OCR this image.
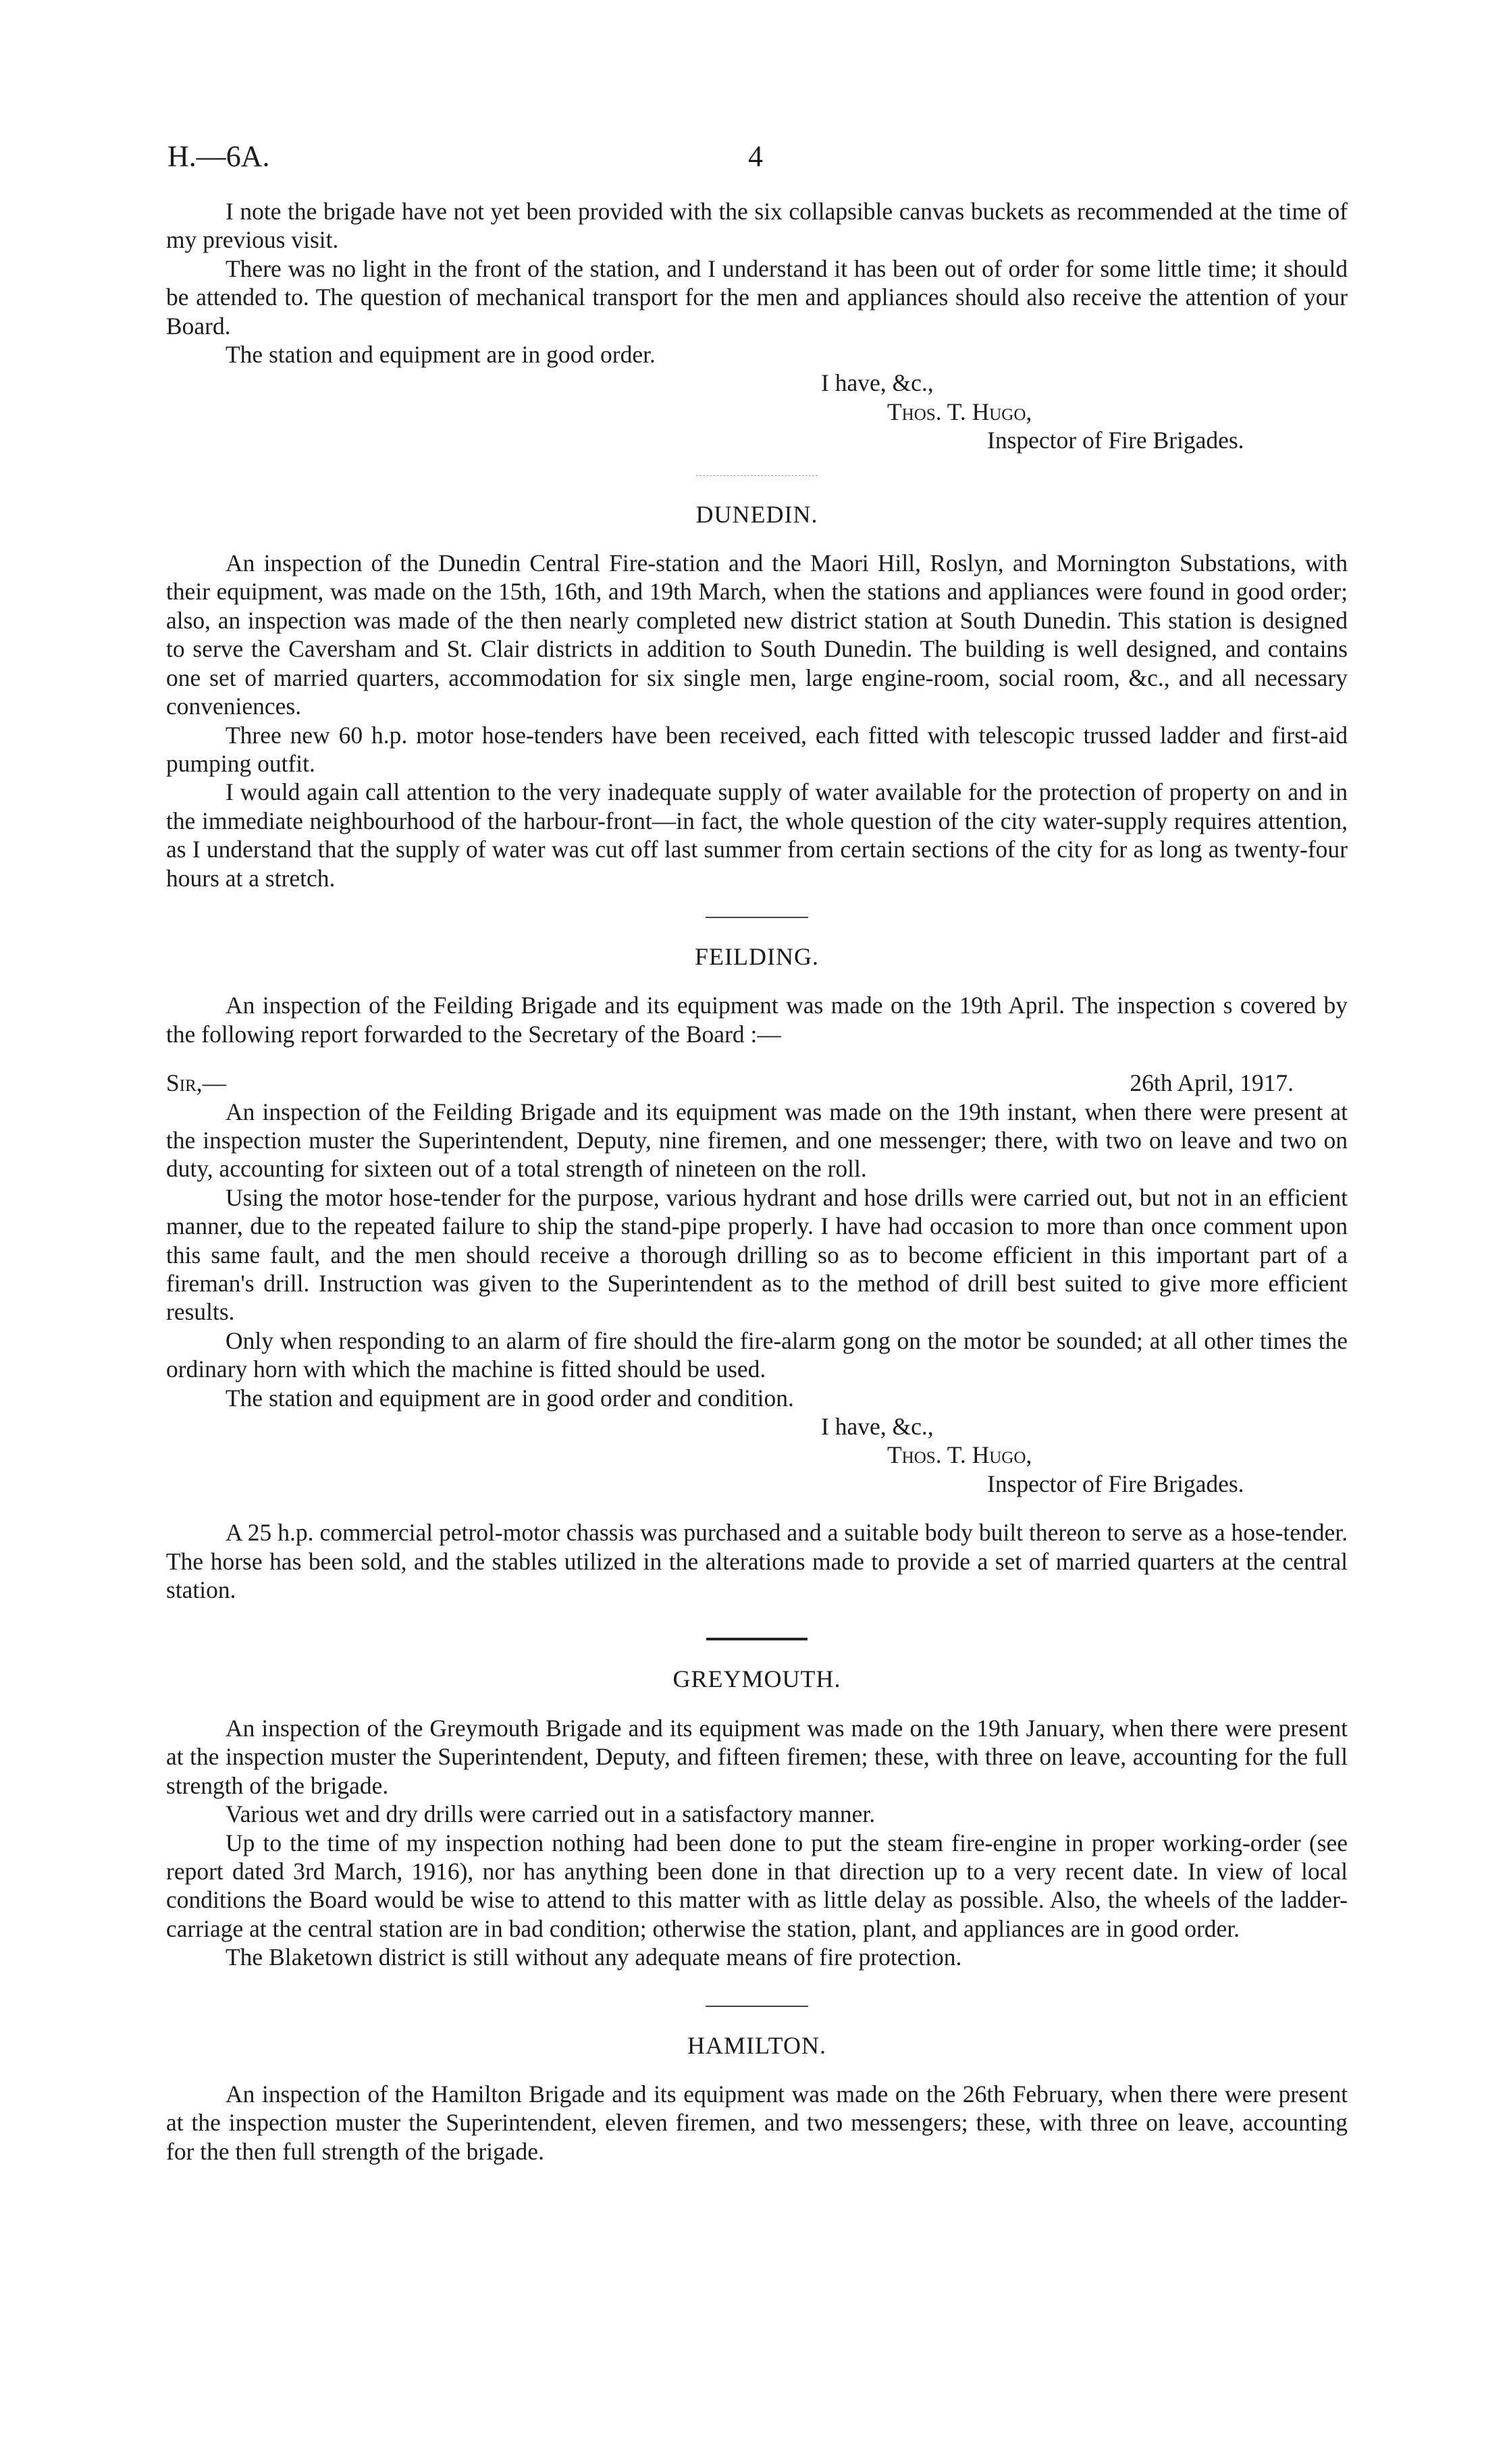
H.—6A.	4

I note the brigade have not yet been provided with the six collapsible canvas buckets as recommended at the time of my previous visit.

There was no light in the front of the station, and I understand it has been out of order for some little time; it should be attended to. The question of mechanical transport for the men and appliances should also receive the attention of your Board.

The station and equipment are in good order.

I have, &c.,

Thos. T. Hugo,

Inspector of Fire Brigades.

DUNEDIN.

An inspection of the Dunedin Central Fire-station and the Maori Hill, Roslyn, and Mornington Substations, with their equipment, was made on the 15th, 16th, and 19th March, when the stations and appliances were found in good order; also, an inspection was made of the then nearly completed new district station at South Dunedin. This station is designed to serve the Caversham and St. Clair districts in addition to South Dunedin. The building is well designed, and contains one set of married quarters, accommodation for six single men, large engine-room, social room, &c., and all necessary conveniences.

Three new 60 h.p. motor hose-tenders have been received, each fitted with telescopic trussed ladder and first-aid pumping outfit.

I would again call attention to the very inadequate supply of water available for the protection of property on and in the immediate neighbourhood of the harbour-front—in fact, the whole question of the city water-supply requires attention, as I understand that the supply of water was cut off last summer from certain sections of the city for as long as twenty-four hours at a stretch.

FEILDING.

An inspection of the Feilding Brigade and its equipment was made on the 19th April. The inspection s covered by the following report forwarded to the Secretary of the Board :—

Sir,—	26th April, 1917.

An inspection of the Feilding Brigade and its equipment was made on the 19th instant, when there were present at the inspection muster the Superintendent, Deputy, nine firemen, and one messenger; there, with two on leave and two on duty, accounting for sixteen out of a total strength of nineteen on the roll.

Using the motor hose-tender for the purpose, various hydrant and hose drills were carried out, but not in an efficient manner, due to the repeated failure to ship the stand-pipe properly. I have had occasion to more than once comment upon this same fault, and the men should receive a thorough drilling so as to become efficient in this important part of a fireman's drill. Instruction was given to the Superintendent as to the method of drill best suited to give more efficient results.

Only when responding to an alarm of fire should the fire-alarm gong on the motor be sounded; at all other times the ordinary horn with which the machine is fitted should be used.

The station and equipment are in good order and condition.

I have, &c.,

Thos. T. Hugo,

Inspector of Fire Brigades.

A 25 h.p. commercial petrol-motor chassis was purchased and a suitable body built thereon to serve as a hose-tender. The horse has been sold, and the stables utilized in the alterations made to provide a set of married quarters at the central station.

GREYMOUTH.

An inspection of the Greymouth Brigade and its equipment was made on the 19th January, when there were present at the inspection muster the Superintendent, Deputy, and fifteen firemen; these, with three on leave, accounting for the full strength of the brigade.

Various wet and dry drills were carried out in a satisfactory manner.

Up to the time of my inspection nothing had been done to put the steam fire-engine in proper working-order (see report dated 3rd March, 1916), nor has anything been done in that direction up to a very recent date. In view of local conditions the Board would be wise to attend to this matter with as little delay as possible. Also, the wheels of the ladder-carriage at the central station are in bad condition; otherwise the station, plant, and appliances are in good order.

The Blaketown district is still without any adequate means of fire protection.

HAMILTON.

An inspection of the Hamilton Brigade and its equipment was made on the 26th February, when there were present at the inspection muster the Superintendent, eleven firemen, and two messengers; these, with three on leave, accounting for the then full strength of the brigade.
